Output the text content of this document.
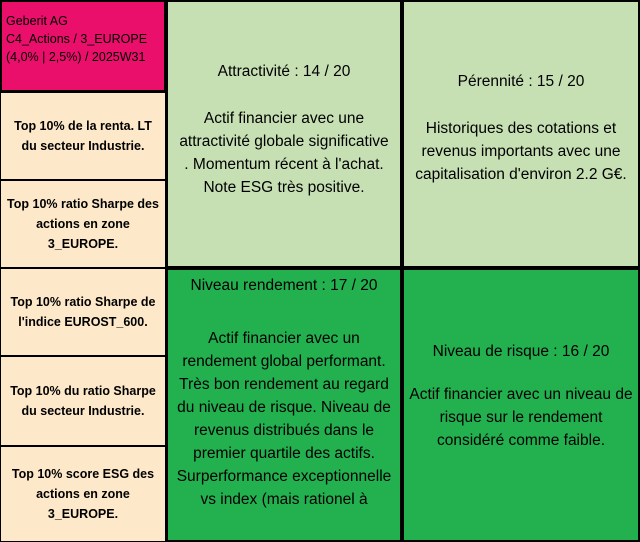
Geberit AG
C4_Actions / 3_EUROPE
(4,0% | 2,5%) / 2025W31
Top 10% de la renta. LT du secteur Industrie.
Top 10% ratio Sharpe des actions en zone 3_EUROPE.
Top 10% ratio Sharpe de l'indice EUROST_600.
Top 10% du ratio Sharpe du secteur Industrie.
Top 10% score ESG des actions en zone 3_EUROPE.
Attractivité : 14 / 20
Actif financier avec une attractivité globale significative . Momentum récent à l'achat. Note ESG très positive.
Pérennité : 15 / 20
Historiques des cotations et revenus importants avec une capitalisation d'environ 2.2 G€.
Niveau rendement : 17 / 20
Actif financier avec un rendement global performant. Très bon rendement au regard du niveau de risque. Niveau de revenus distribués dans le premier quartile des actifs. Surperformance exceptionnelle vs index (mais rationel à
Niveau de risque : 16 / 20
Actif financier avec un niveau de risque sur le rendement considéré comme faible.
